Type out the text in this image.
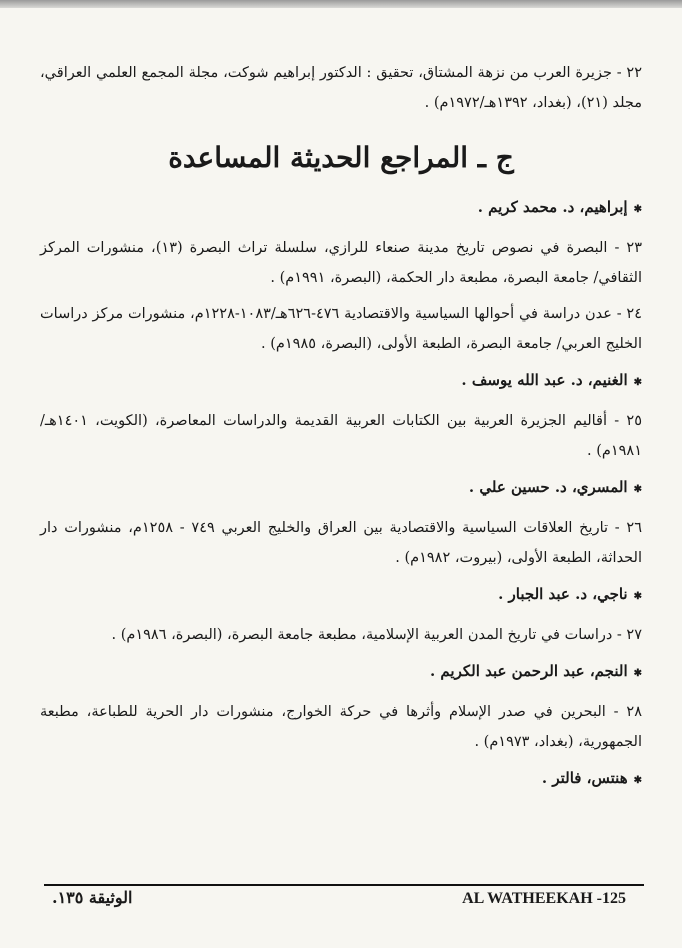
٢٢ - جزيرة العرب من نزهة المشتاق، تحقيق : الدكتور إبراهيم شوكت، مجلة المجمع العلمي العراقي، مجلد (٢١)، (بغداد، ١٣٩٢هـ/١٩٧٢م) .

ج ـ المراجع الحديثة المساعدة
✱إبراهيم، د. محمد كريم .

٢٣ - البصرة في نصوص تاريخ مدينة صنعاء للرازي، سلسلة تراث البصرة (١٣)، منشورات المركز الثقافي/ جامعة البصرة، مطبعة دار الحكمة، (البصرة، ١٩٩١م) .

٢٤ - عدن دراسة في أحوالها السياسية والاقتصادية ٤٧٦-٦٢٦هـ/١٠٨٣-١٢٢٨م، منشورات مركز دراسات الخليج العربي/ جامعة البصرة، الطبعة الأولى، (البصرة، ١٩٨٥م) .

✱الغنيم، د. عبد الله يوسف .

٢٥ - أقاليم الجزيرة العربية بين الكتابات العربية القديمة والدراسات المعاصرة، (الكويت، ١٤٠١هـ/١٩٨١م) .

✱المسري، د. حسين علي .

٢٦ - تاريخ العلاقات السياسية والاقتصادية بين العراق والخليج العربي ٧٤٩ - ١٢٥٨م، منشورات دار الحداثة، الطبعة الأولى، (بيروت، ١٩٨٢م) .

✱ناجي، د. عبد الجبار .

٢٧ - دراسات في تاريخ المدن العربية الإسلامية، مطبعة جامعة البصرة، (البصرة، ١٩٨٦م) .

✱النجم، عبد الرحمن عبد الكريم .

٢٨ - البحرين في صدر الإسلام وأثرها في حركة الخوارج، منشورات دار الحرية للطباعة، مطبعة الجمهورية، (بغداد، ١٩٧٣م) .

✱هنتس، فالتر .
AL WATHEEKAH -125
الوثيقة ١٣٥.
